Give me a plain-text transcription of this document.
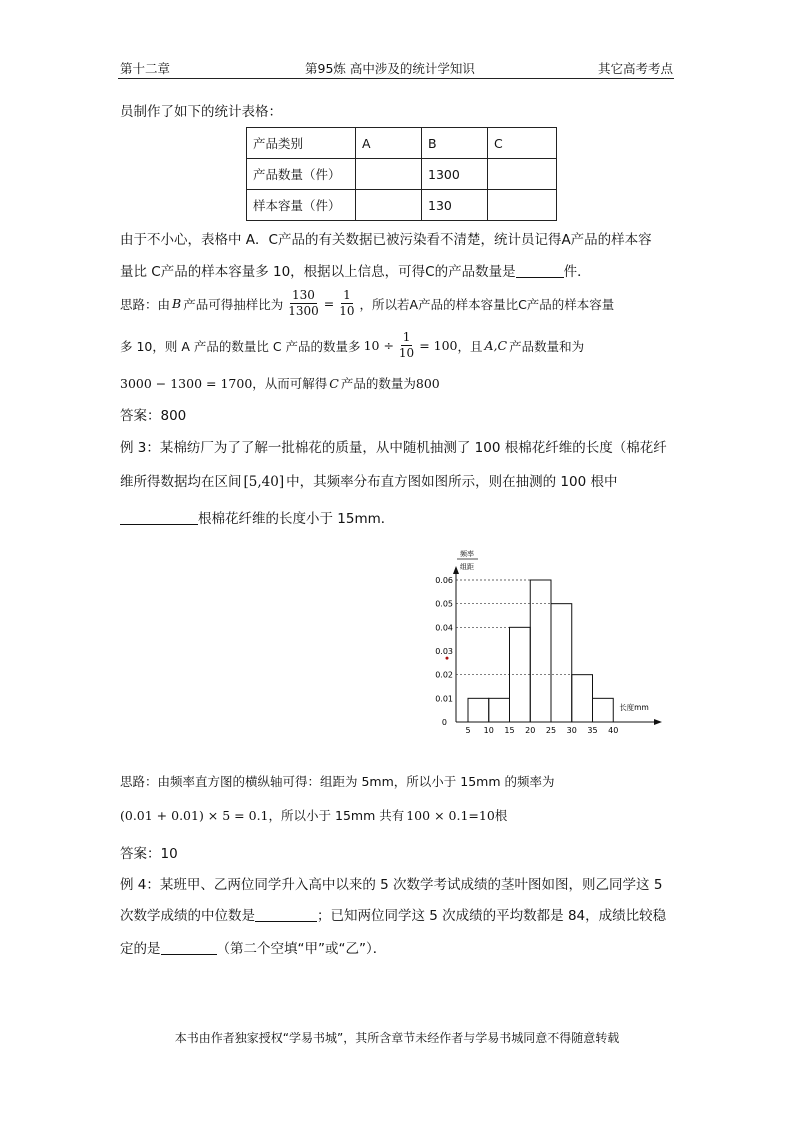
第十二章	第95炼 高中涉及的统计学知识	其它高考考点
员制作了如下的统计表格：
产品类别	A	B	C
产品数量（件）		1300	
样本容量（件）		130	
由于不小心，表格中 A．C产品的有关数据已被污染看不清楚，统计员记得A产品的样本容
量比 C产品的样本容量多 10，根据以上信息，可得C的产品数量是	件．
思路：由 B 产品可得抽样比为 $\frac{130}{1300} = \frac{1}{10}$ ，所以若A产品的样本容量比C产品的样本容量
多 10，则 A 产品的数量比 C 产品的数量多 $10 \div \frac{1}{10} = 100$ ，且 A,C 产品数量和为
3000 − 1300 = 1700，从而可解得 C 产品的数量为800
答案：800
例 3：某棉纺厂为了了解一批棉花的质量，从中随机抽测了 100 根棉花纤维的长度（棉花纤
维所得数据均在区间 [5,40] 中，其频率分布直方图如图所示，则在抽测的 100 根中
根棉花纤维的长度小于 15mm．
频率
组距
0.01
0.02
0.03
0.04
0.05
0.06
0
5 10 15 20 25 30 35 40
长度mm
思路：由频率直方图的横纵轴可得：组距为 5mm，所以小于 15mm 的频率为
(0.01 + 0.01) × 5 = 0.1，所以小于 15mm 共有 100 × 0.1=10根
答案：10
例 4：某班甲、乙两位同学升入高中以来的 5 次数学考试成绩的茎叶图如图，则乙同学这 5
次数学成绩的中位数是	；已知两位同学这 5 次成绩的平均数都是 84，成绩比较稳
定的是	（第二个空填“甲”或“乙”）．
本书由作者独家授权“学易书城”，其所含章节未经作者与学易书城同意不得随意转载
